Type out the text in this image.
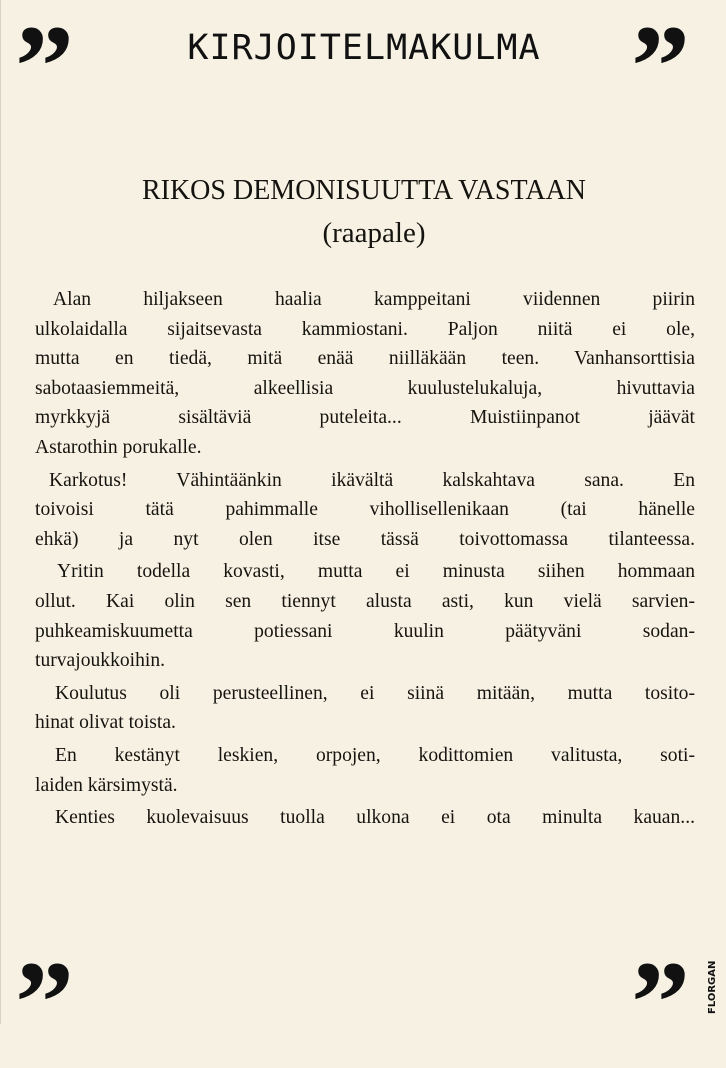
”	”
”	”
KIRJOITELMAKULMA
RIKOS DEMONISUUTTA VASTAAN
(raapale)
Alan hiljakseen haalia kamppeitani viidennen piirin
ulkolaidalla sijaitsevasta kammiostani. Paljon niitä ei ole,
mutta en tiedä, mitä enää niilläkään teen. Vanhansorttisia
sabotaasiemmeitä, alkeellisia kuulustelukaluja, hivuttavia
myrkkyjä sisältäviä puteleita... Muistiinpanot jäävät
Astarothin porukalle.
Karkotus! Vähintäänkin ikävältä kalskahtava sana. En
toivoisi tätä pahimmalle vihollisellenikaan (tai hänelle
ehkä) ja nyt olen itse tässä toivottomassa tilanteessa.
Yritin todella kovasti, mutta ei minusta siihen hommaan
ollut. Kai olin sen tiennyt alusta asti, kun vielä sarvien-
puhkeamiskuumetta potiessani kuulin päätyväni sodan-
turvajoukkoihin.
Koulutus oli perusteellinen, ei siinä mitään, mutta tosito-
hinat olivat toista.
En kestänyt leskien, orpojen, kodittomien valitusta, soti-
laiden kärsimystä.
Kenties kuolevaisuus tuolla ulkona ei ota minulta kauan...
FLORGAN
